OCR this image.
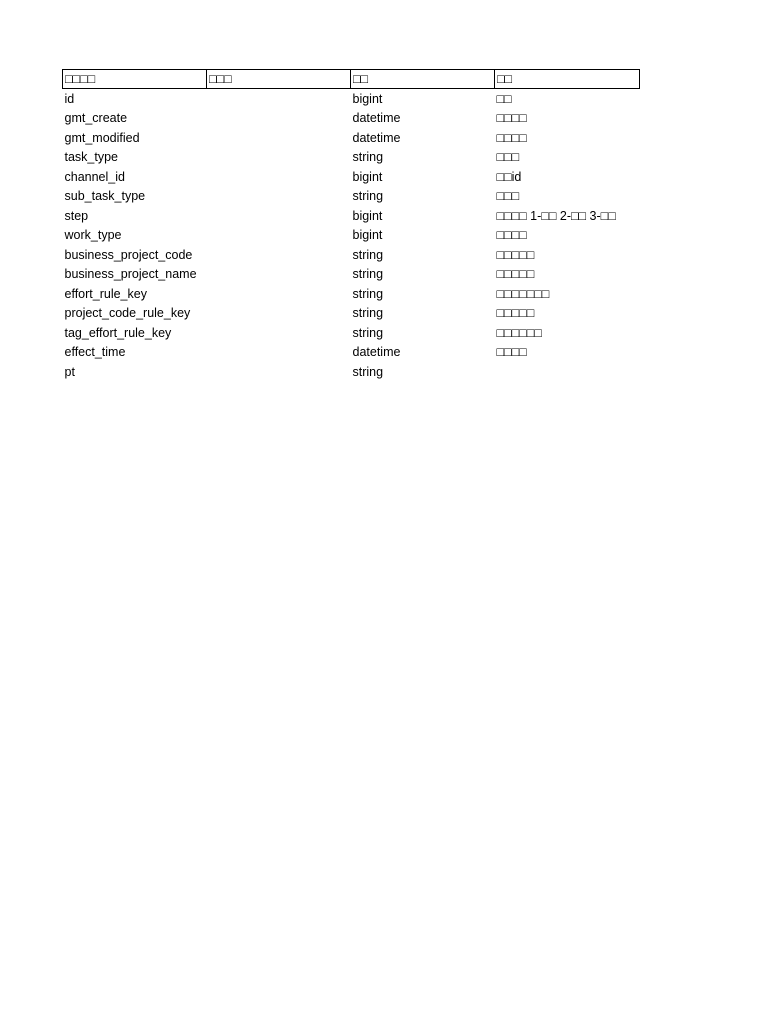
□□□□	□□□	□□	□□
id		bigint	□□
gmt_create		datetime	□□□□
gmt_modified		datetime	□□□□
task_type		string	□□□
channel_id		bigint	□□id
sub_task_type		string	□□□
step		bigint	□□□□ 1-□□ 2-□□ 3-□□
work_type		bigint	□□□□
business_project_code		string	□□□□□
business_project_name		string	□□□□□
effort_rule_key		string	□□□□□□□
project_code_rule_key		string	□□□□□
tag_effort_rule_key		string	□□□□□□
effect_time		datetime	□□□□
pt		string	
